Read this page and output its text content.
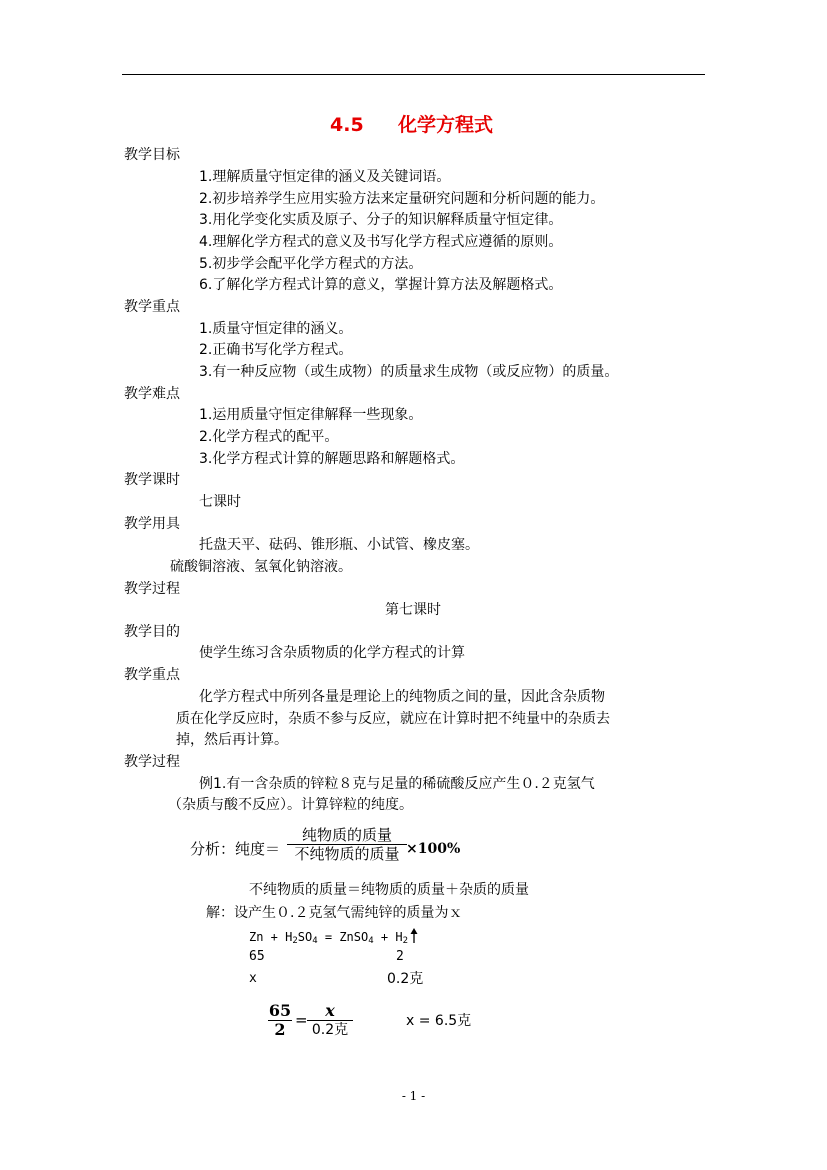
4.5 化学方程式
教学目标
1.理解质量守恒定律的涵义及关键词语。
2.初步培养学生应用实验方法来定量研究问题和分析问题的能力。
3.用化学变化实质及原子、分子的知识解释质量守恒定律。
4.理解化学方程式的意义及书写化学方程式应遵循的原则。
5.初步学会配平化学方程式的方法。
6.了解化学方程式计算的意义，掌握计算方法及解题格式。
教学重点
1.质量守恒定律的涵义。
2.正确书写化学方程式。
3.有一种反应物（或生成物）的质量求生成物（或反应物）的质量。
教学难点
1.运用质量守恒定律解释一些现象。
2.化学方程式的配平。
3.化学方程式计算的解题思路和解题格式。
教学课时
七课时
教学用具
托盘天平、砝码、锥形瓶、小试管、橡皮塞。
硫酸铜溶液、氢氧化钠溶液。
教学过程
第七课时
教学目的
使学生练习含杂质物质的化学方程式的计算
教学重点
化学方程式中所列各量是理论上的纯物质之间的量，因此含杂质物
质在化学反应时，杂质不参与反应，就应在计算时把不纯量中的杂质去
掉，然后再计算。
教学过程
例1.有一含杂质的锌粒８克与足量的稀硫酸反应产生０.２克氢气
（杂质与酸不反应）。计算锌粒的纯度。
分析：纯度＝
纯物质的质量
不纯物质的质量 ×100%
不纯物质的质量＝纯物质的质量＋杂质的质量
解：设产生０.２克氢气需纯锌的质量为ｘ
$Zn + H_2SO_4$ = ZnSO$_4$ + $H_2$
65	2
x	0.2克
65
2 = x
0.2克
x = 6.5克
- 1 -
